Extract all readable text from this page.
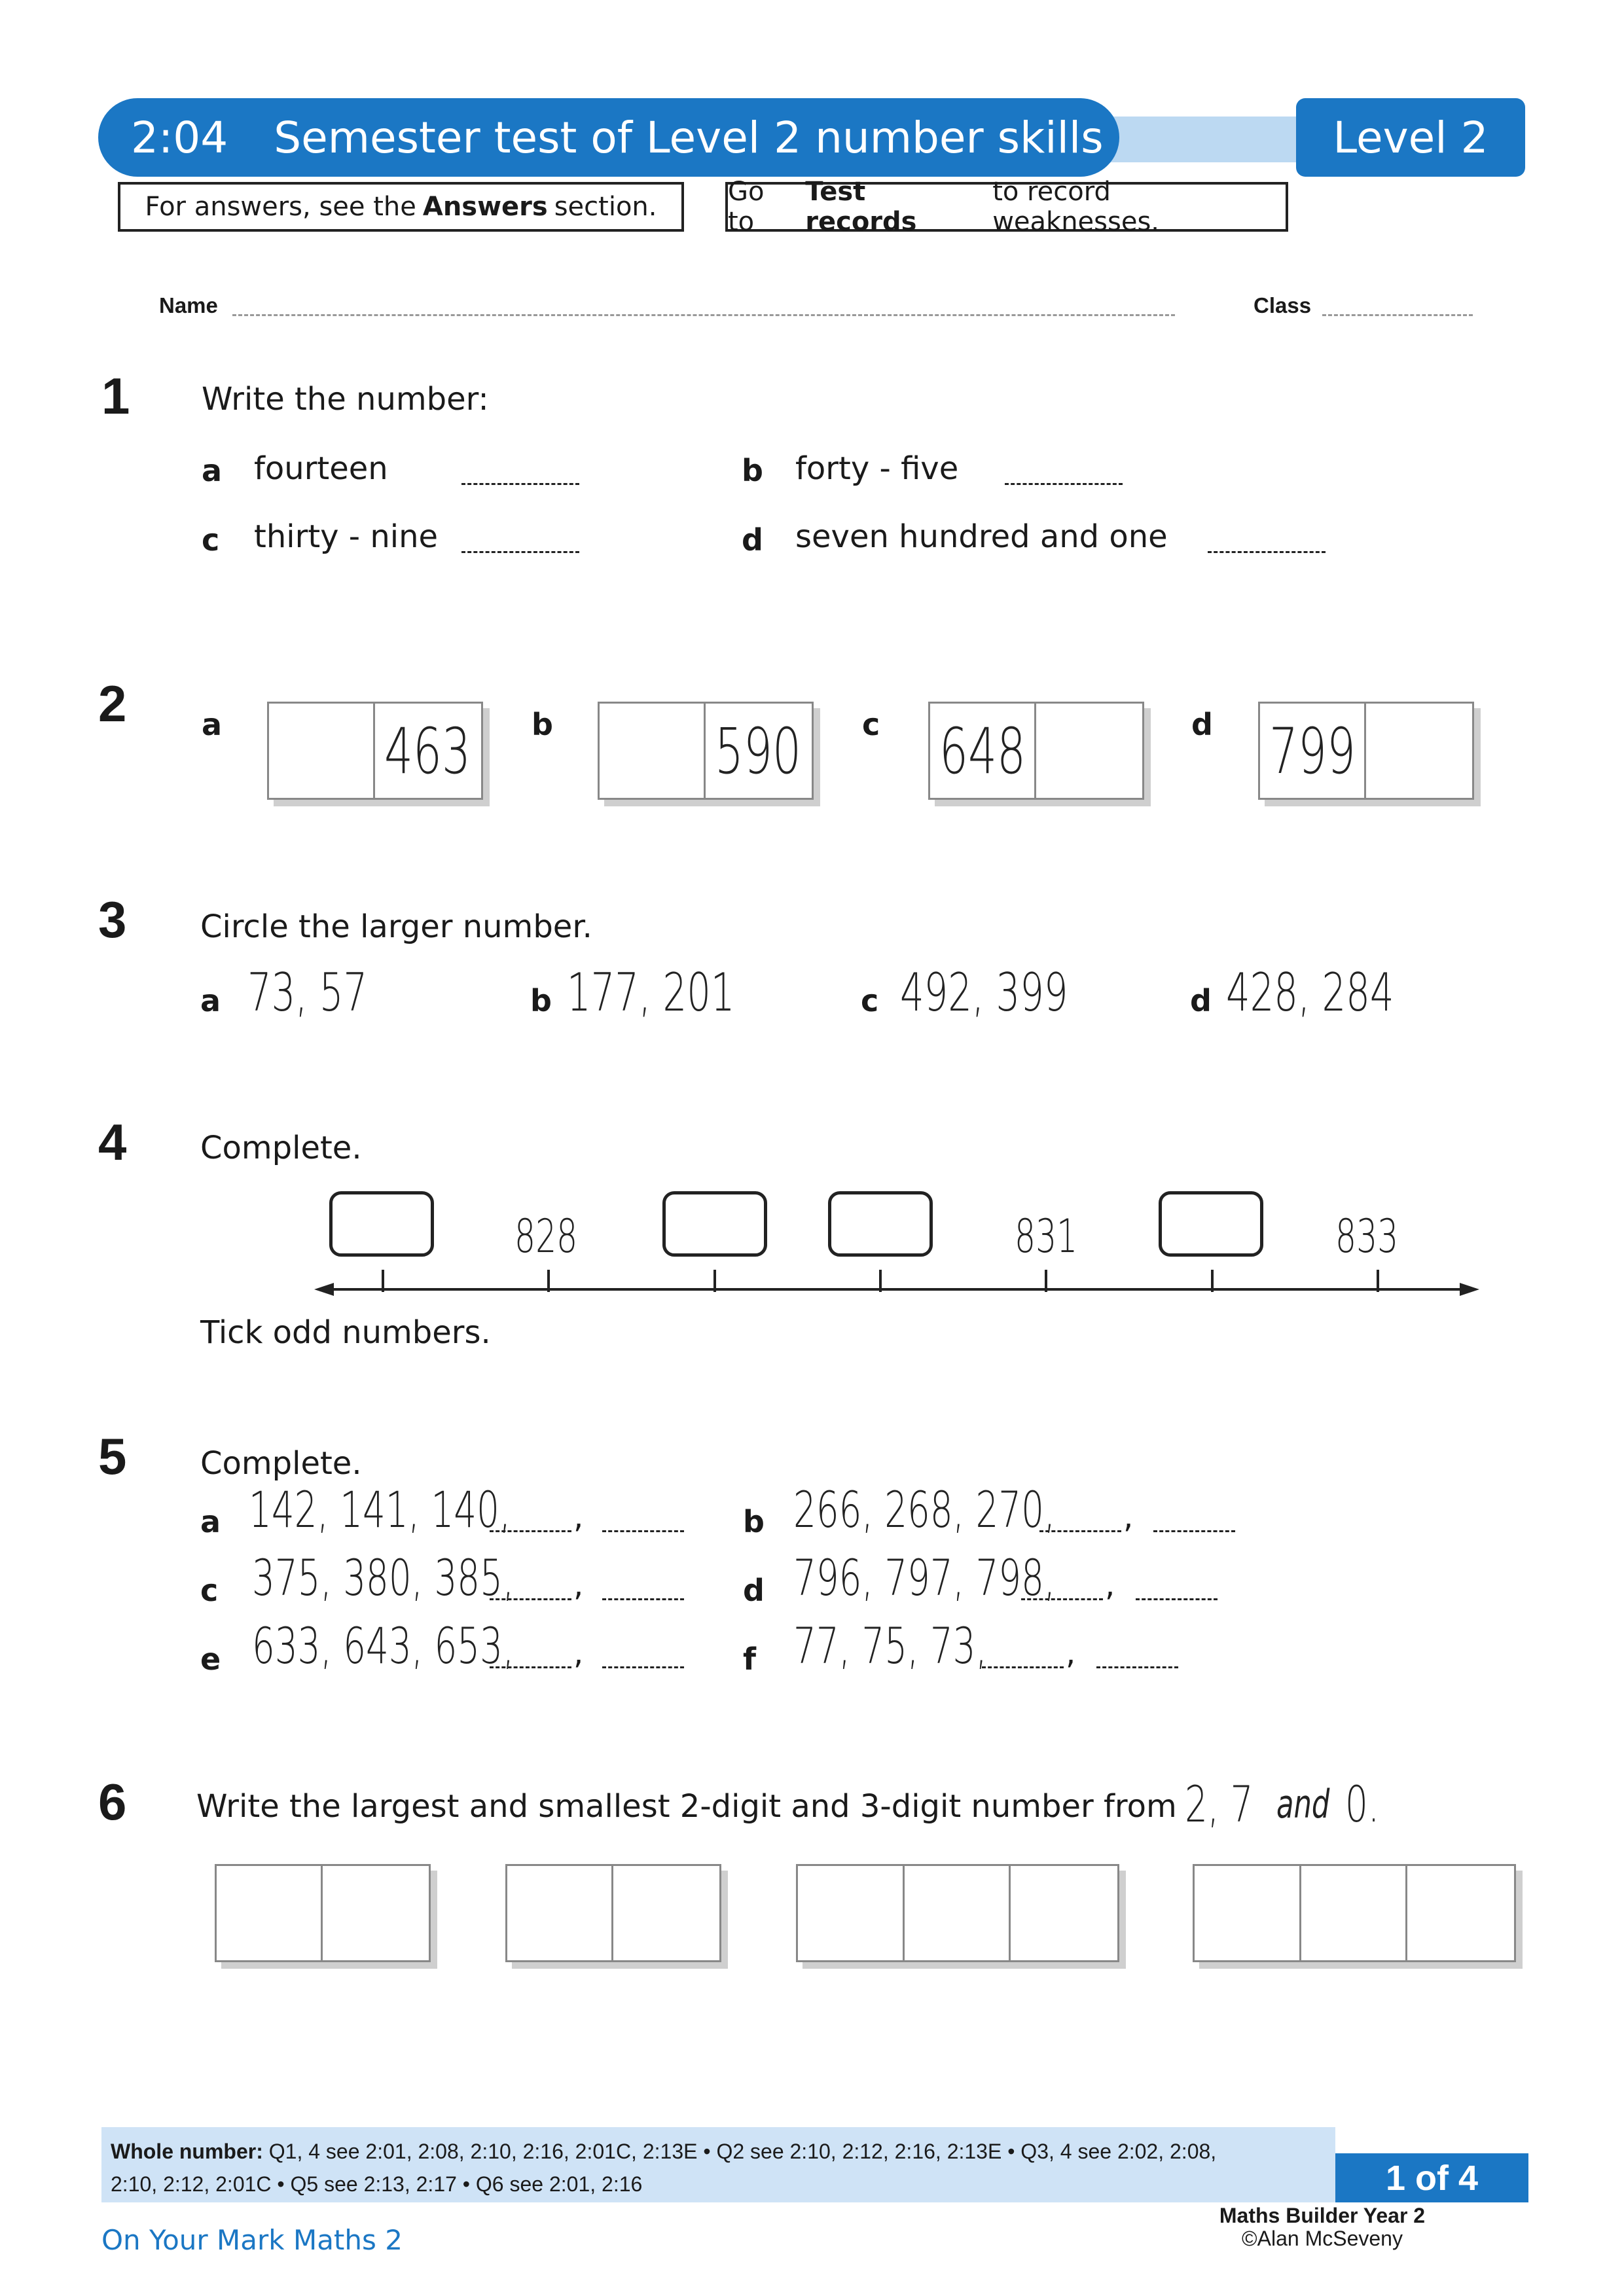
2:04 Semester test of Level 2 number skills	Level 2
For answers, see the Answers section.	Go to
Test records
to record weaknesses.
Name	Class
1 Write the number:
a fourteen	b forty - five
c thirty - nine	d seven hundred and one
2 a	463 b	590 c 648	d 799
3 Circle the larger number.
a 73, 57	b 177, 201	c 492, 399	d 428, 284
4 Complete.
828	831	833
Tick odd numbers.
5 Complete.
a 142, 141, 140, ,	b 266, 268, 270, ,
c 375, 380, 385, ,	d 796, 797, 798, ,
e 633, 643, 653, ,	f 77, 75, 73,	,
6 Write the largest and smallest 2-digit and 3-digit number from 2, 7 and 0.
Whole number: Q1, 4 see 2:01, 2:08, 2:10, 2:16, 2:01C, 2:13E • Q2 see 2:10, 2:12, 2:16, 2:13E • Q3, 4 see 2:02, 2:08,
2:10, 2:12, 2:01C • Q5 see 2:13, 2:17 • Q6 see 2:01, 2:16	1 of 4
Maths Builder Year 2
©Alan McSeveny
On Your Mark Maths 2
